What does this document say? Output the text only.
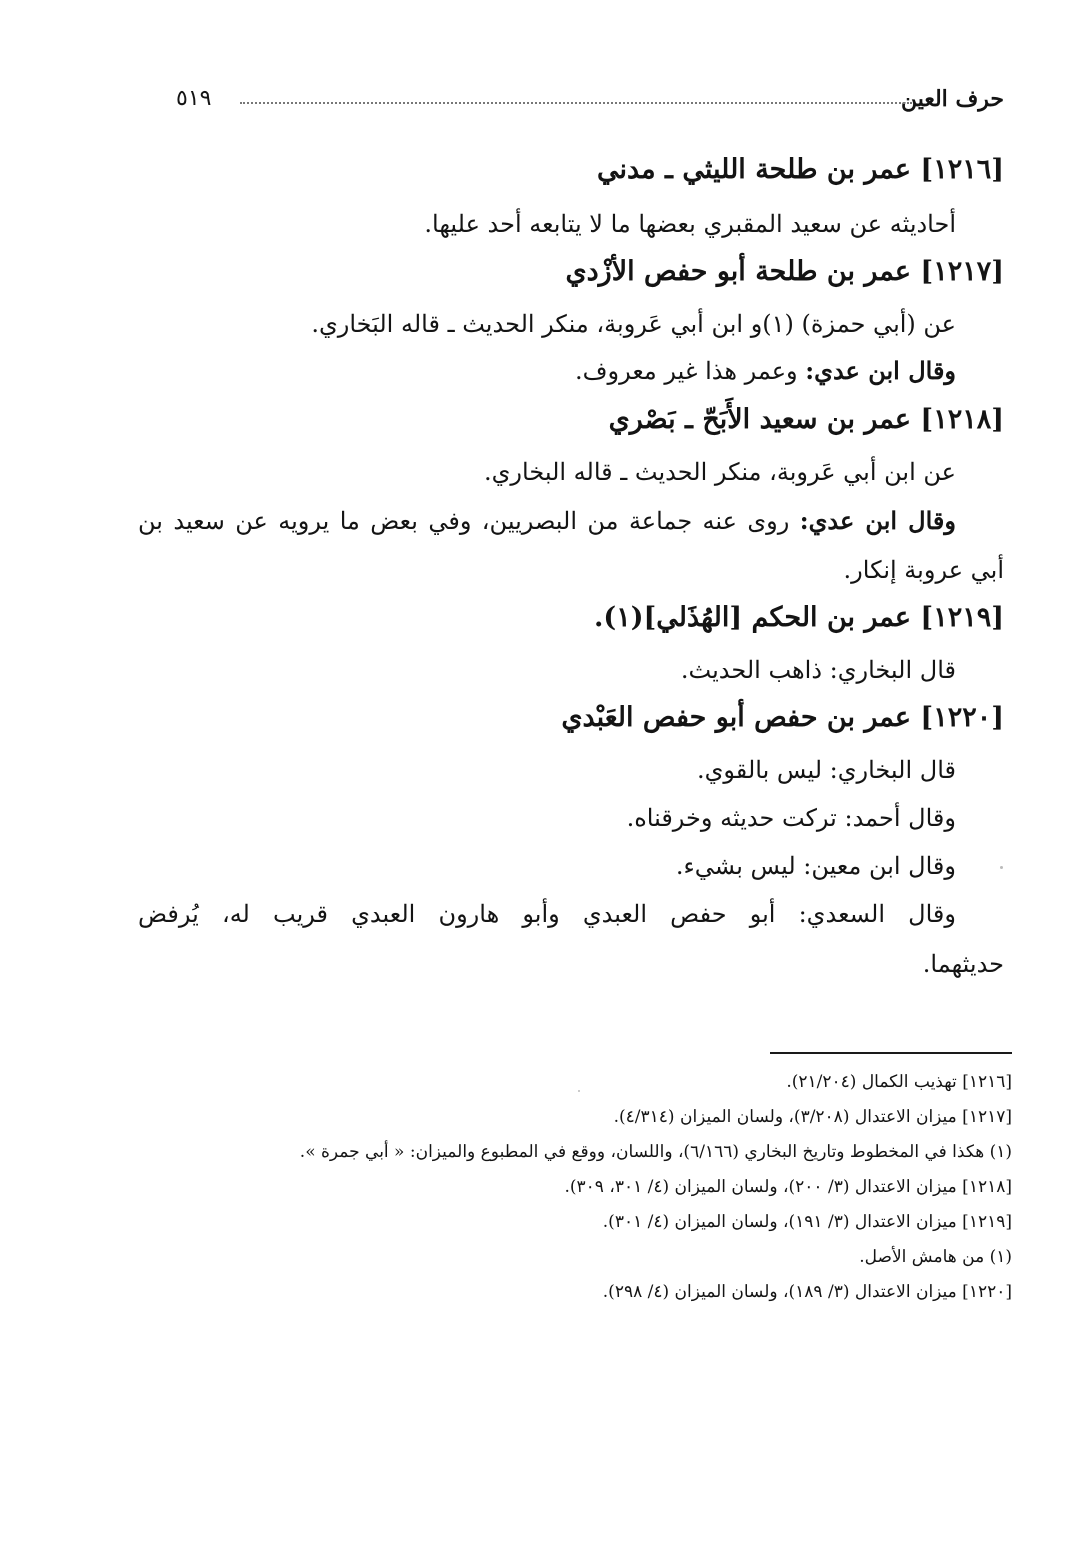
حرف العين
٥١٩
[١٢١٦] عمر بن طلحة الليثي ـ مدني
أحاديثه عن سعيد المقبري بعضها ما لا يتابعه أحد عليها.
[١٢١٧] عمر بن طلحة أبو حفص الأزْدي
عن (أبي حمزة) (١)و ابن أبي عَروبة، منكر الحديث ـ قاله البَخاري.
وقال ابن عدي: وعمر هذا غير معروف.
[١٢١٨] عمر بن سعيد الأَبَحّ ـ بَصْري
عن ابن أبي عَروبة، منكر الحديث ـ قاله البخاري.
وقال ابن عدي: روى عنه جماعة من البصريين، وفي بعض ما يرويه عن سعيد بن
أبي عروبة إنكار.
[١٢١٩] عمر بن الحكم [الهُذَلي](١).
قال البخاري: ذاهب الحديث.
[١٢٢٠] عمر بن حفص أبو حفص العَبْدي
قال البخاري: ليس بالقوي.
وقال أحمد: تركت حديثه وخرقناه.
وقال ابن معين: ليس بشيء.
وقال السعدي: أبو حفص العبدي وأبو هارون العبدي قريب له، يُرفض
حديثهما.
[١٢١٦] تهذيب الكمال (٢١/٢٠٤).
[١٢١٧] ميزان الاعتدال (٣/٢٠٨)، ولسان الميزان (٤/٣١٤).
(١) هكذا في المخطوط وتاريخ البخاري (٦/١٦٦)، واللسان، ووقع في المطبوع والميزان: « أبي جمرة ».
[١٢١٨] ميزان الاعتدال (٣/ ٢٠٠)، ولسان الميزان (٤/ ٣٠١، ٣٠٩).
[١٢١٩] ميزان الاعتدال (٣/ ١٩١)، ولسان الميزان (٤/ ٣٠١).
(١) من هامش الأصل.
[١٢٢٠] ميزان الاعتدال (٣/ ١٨٩)، ولسان الميزان (٤/ ٢٩٨).
